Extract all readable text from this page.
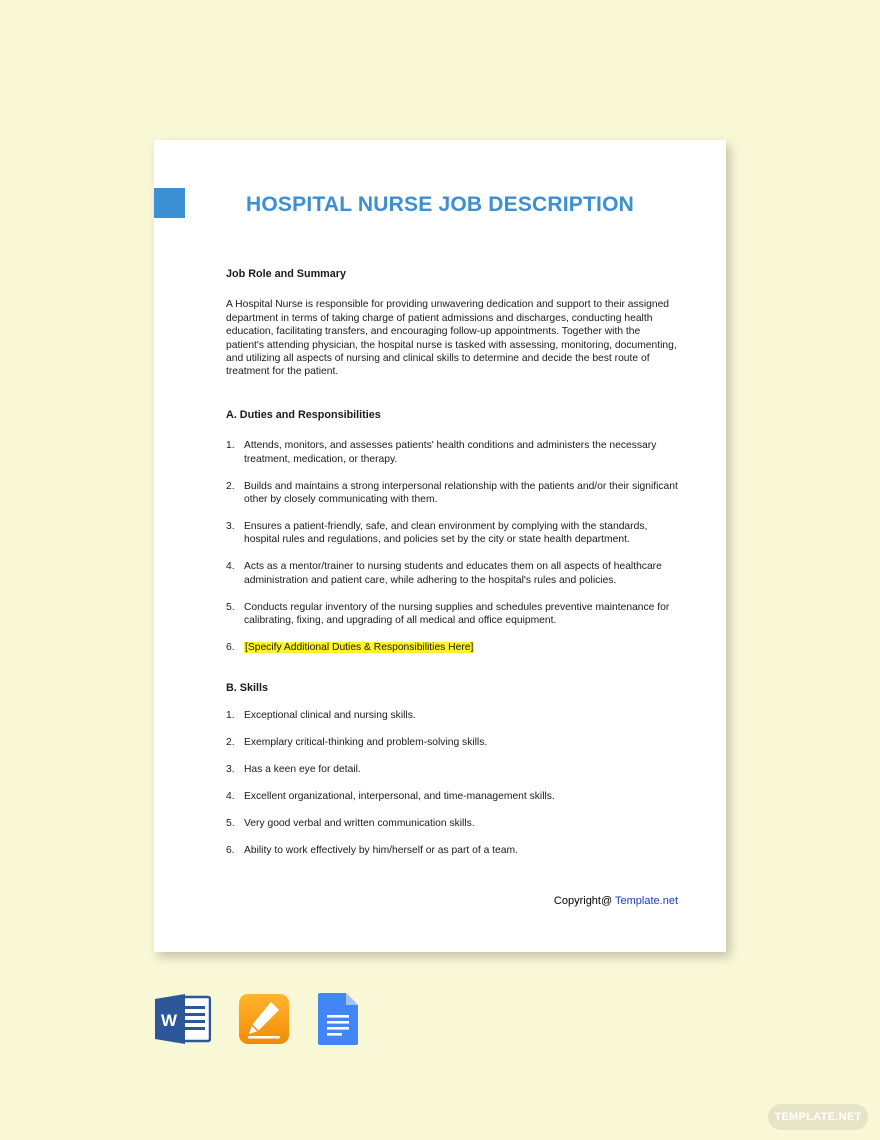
HOSPITAL NURSE JOB DESCRIPTION

Job Role and Summary

A Hospital Nurse is responsible for providing unwavering dedication and support to their assigned department in terms of taking charge of patient admissions and discharges, conducting health education, facilitating transfers, and encouraging follow-up appointments. Together with the patient's attending physician, the hospital nurse is tasked with assessing, monitoring, documenting, and utilizing all aspects of nursing and clinical skills to determine and decide the best route of treatment for the patient.

A. Duties and Responsibilities

1. Attends, monitors, and assesses patients' health conditions and administers the necessary treatment, medication, or therapy.
2. Builds and maintains a strong interpersonal relationship with the patients and/or their significant other by closely communicating with them.
3. Ensures a patient-friendly, safe, and clean environment by complying with the standards, hospital rules and regulations, and policies set by the city or state health department.
4. Acts as a mentor/trainer to nursing students and educates them on all aspects of healthcare administration and patient care, while adhering to the hospital's rules and policies.
5. Conducts regular inventory of the nursing supplies and schedules preventive maintenance for calibrating, fixing, and upgrading of all medical and office equipment.
6.	[Specify Additional Duties & Responsibilities Here]

B. Skills

1. Exceptional clinical and nursing skills.
2. Exemplary critical-thinking and problem-solving skills.
3. Has a keen eye for detail.
4. Excellent organizational, interpersonal, and time-management skills.
5. Very good verbal and written communication skills.
6. Ability to work effectively by him/herself or as part of a team.
Copyright@ Template.net
W
TEMPLATE.NET
